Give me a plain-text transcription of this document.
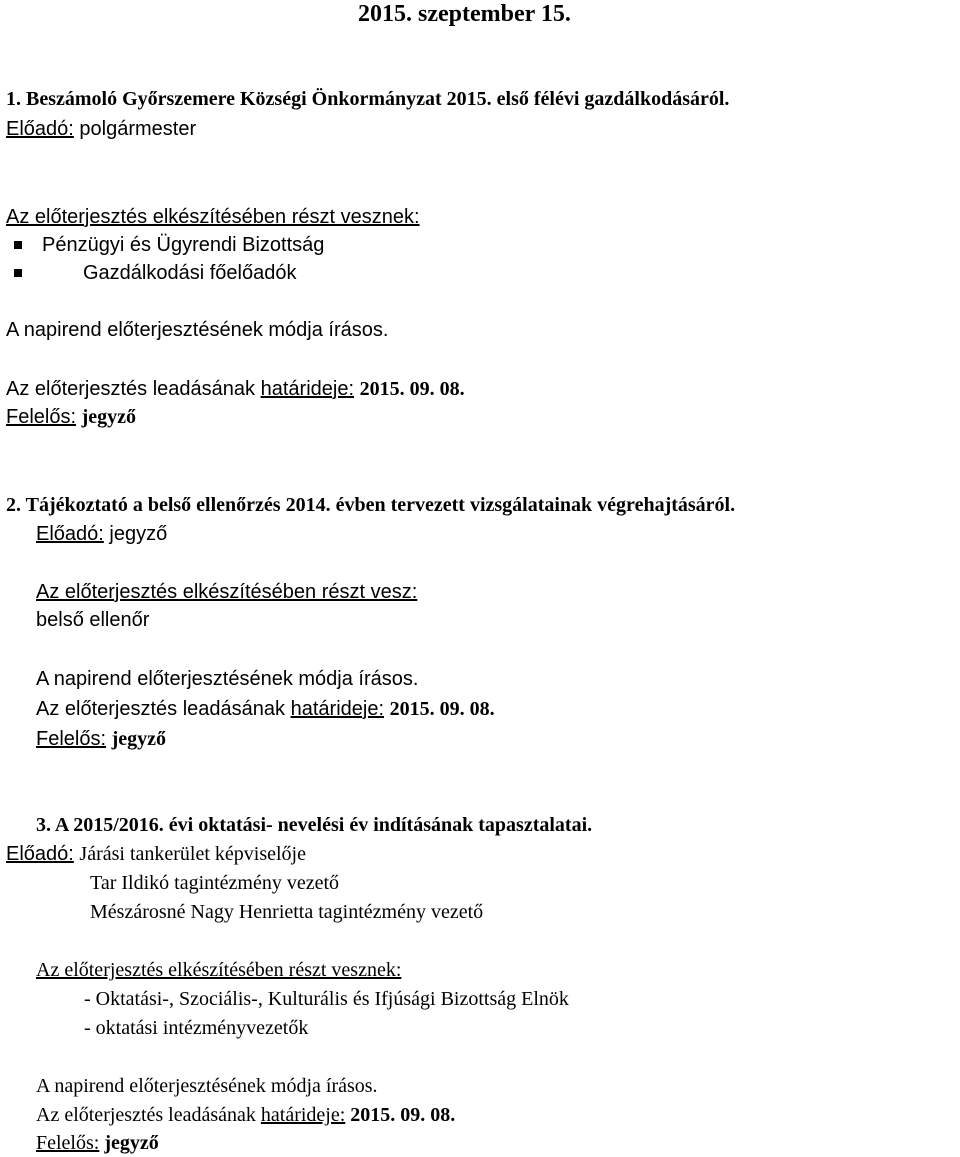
2015. szeptember 15.
1. Beszámoló Győrszemere Községi Önkormányzat 2015. első félévi gazdálkodásáról.
Előadó: polgármester
Az előterjesztés elkészítésében részt vesznek:
Pénzügyi és Ügyrendi Bizottság
Gazdálkodási főelőadók
A napirend előterjesztésének módja írásos.
Az előterjesztés leadásának határideje: 2015. 09. 08.
Felelős: jegyző
2. Tájékoztató a belső ellenőrzés 2014. évben tervezett vizsgálatainak végrehajtásáról.
Előadó: jegyző
Az előterjesztés elkészítésében részt vesz:
belső ellenőr
A napirend előterjesztésének módja írásos.
Az előterjesztés leadásának határideje: 2015. 09. 08.
Felelős: jegyző
3. A 2015/2016. évi oktatási- nevelési év indításának tapasztalatai.
Előadó: Járási tankerület képviselője
Tar Ildikó tagintézmény vezető
Mészárosné Nagy Henrietta tagintézmény vezető
Az előterjesztés elkészítésében részt vesznek:
- Oktatási-, Szociális-, Kulturális és Ifjúsági Bizottság Elnök
- oktatási intézményvezetők
A napirend előterjesztésének módja írásos.
Az előterjesztés leadásának határideje: 2015. 09. 08.
Felelős: jegyző
